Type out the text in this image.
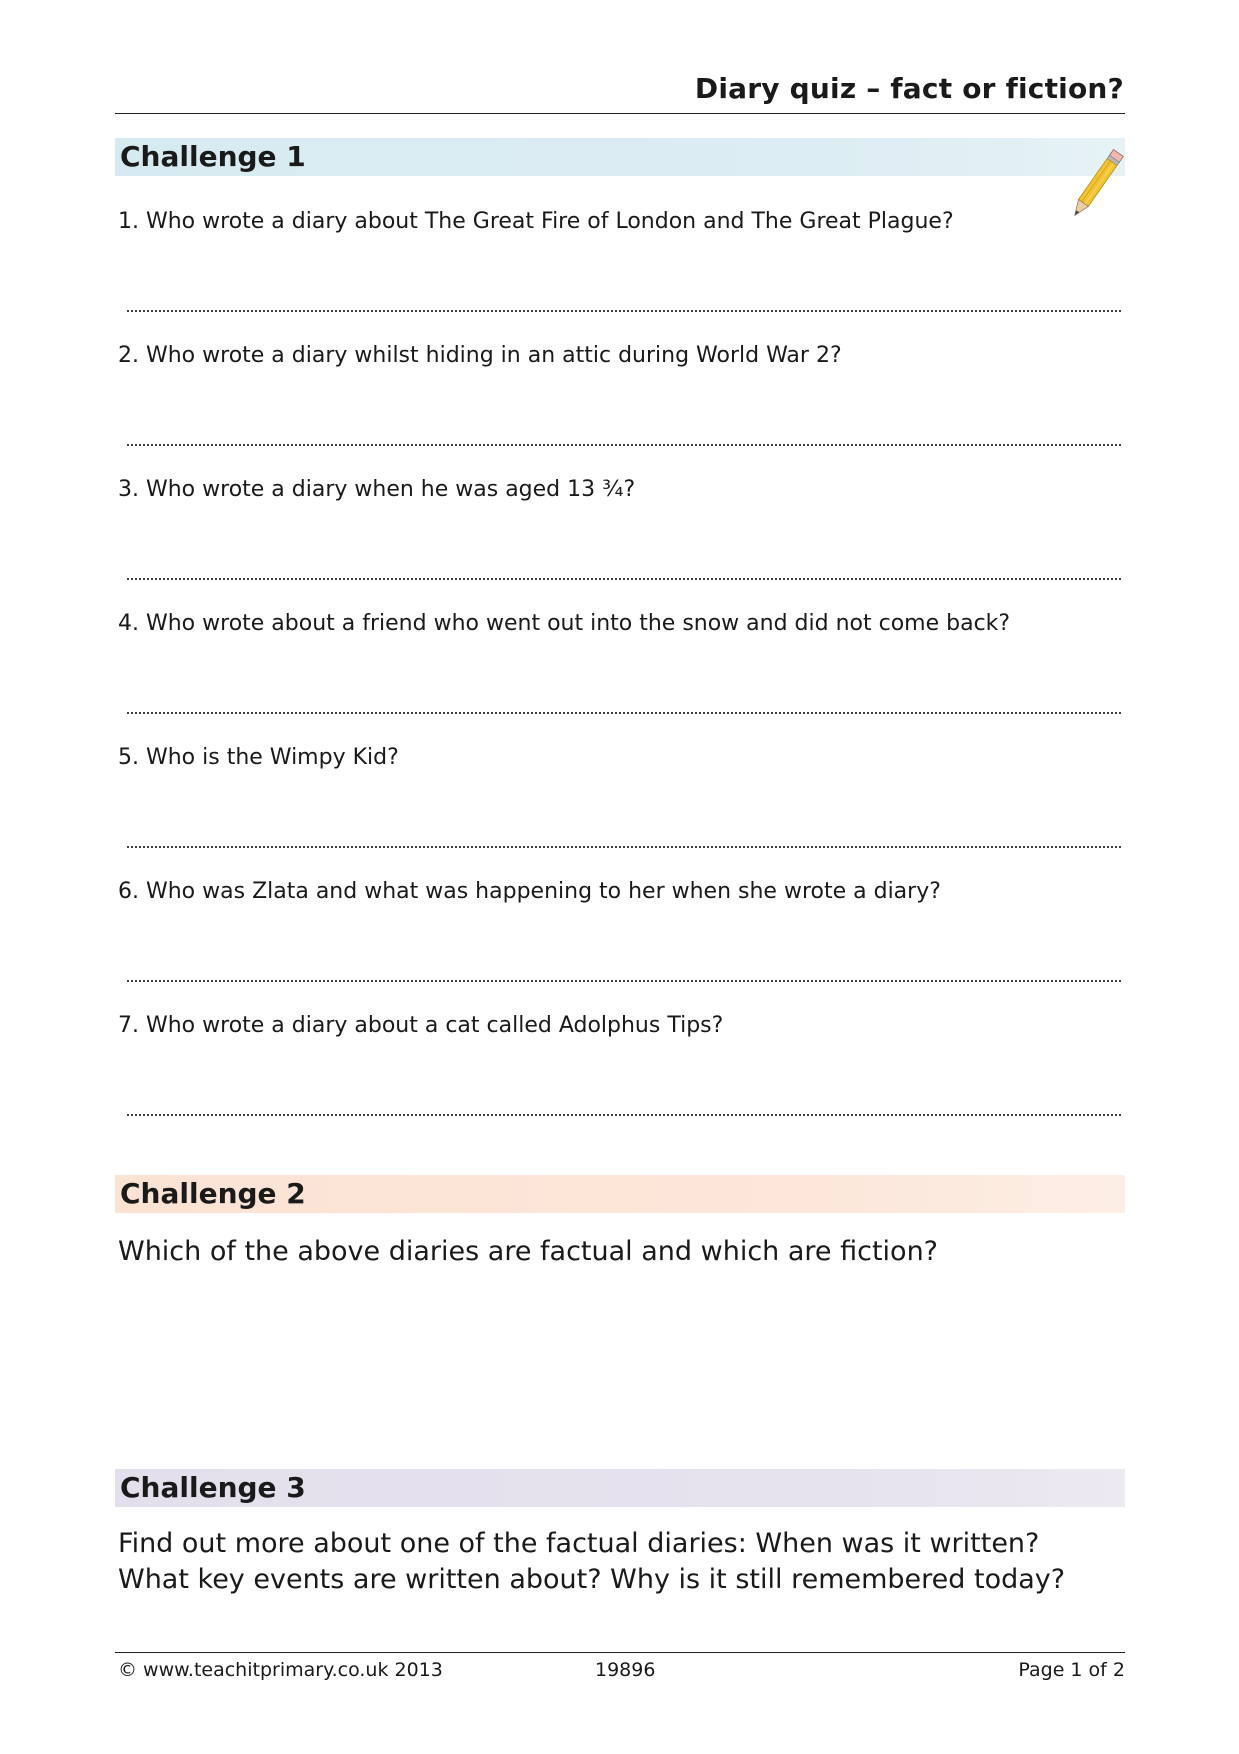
Diary quiz – fact or fiction?
Challenge 1
1. Who wrote a diary about The Great Fire of London and The Great Plague?
2. Who wrote a diary whilst hiding in an attic during World War 2?
3. Who wrote a diary when he was aged 13 ¾?
4. Who wrote about a friend who went out into the snow and did not come back?
5. Who is the Wimpy Kid?
6. Who was Zlata and what was happening to her when she wrote a diary?
7. Who wrote a diary about a cat called Adolphus Tips?
Challenge 2
Which of the above diaries are factual and which are fiction?
Challenge 3
Find out more about one of the factual diaries: When was it written? What key events are written about? Why is it still remembered today?
© www.teachitprimary.co.uk 2013	19896	Page 1 of 2
